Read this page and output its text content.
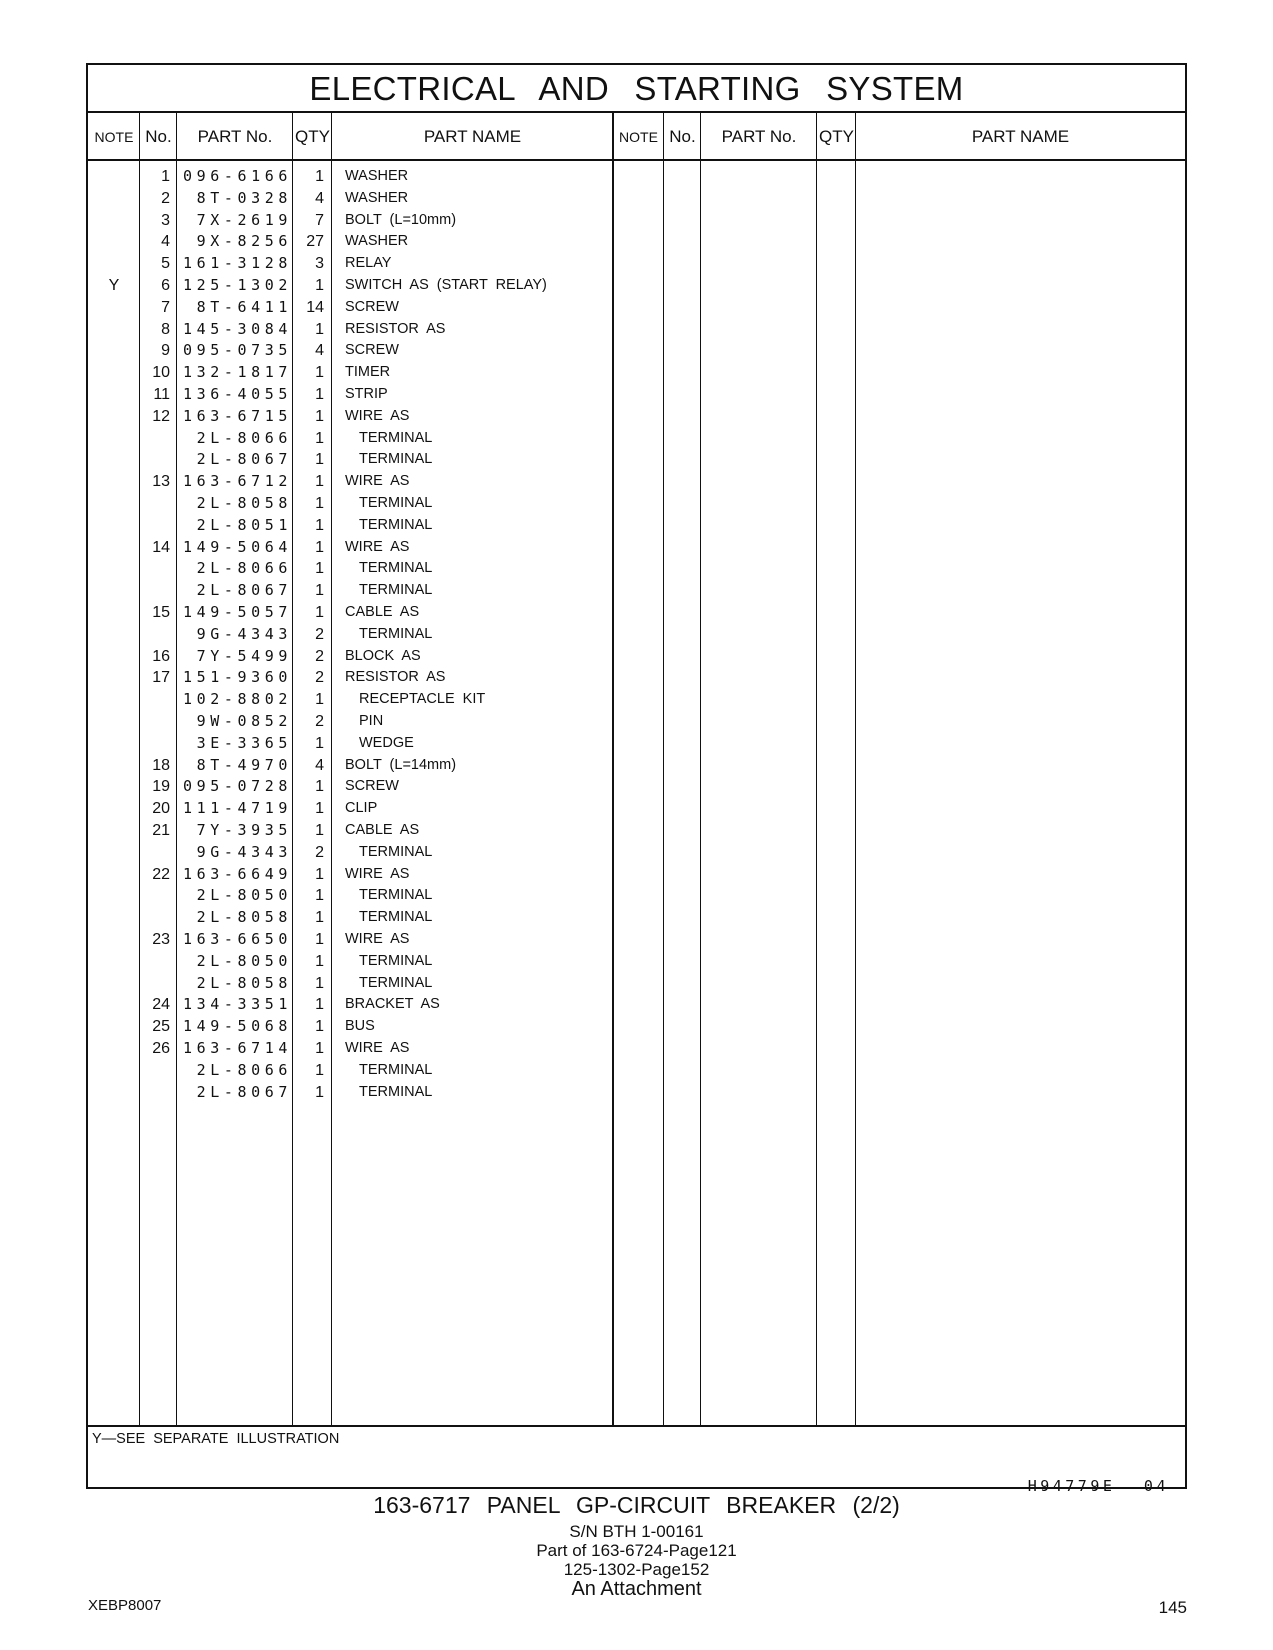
ELECTRICAL AND STARTING SYSTEM
NOTE No.	PART No.	QTY	PART NAME	NOTE No.	PART No.	QTY	PART NAME
1 096-6166	1 WASHER
2	8T-0328	4 WASHER
3	7X-2619	7 BOLT (L=10mm)
4	9X-8256 27 WASHER
5 161-3128	3 RELAY
Y	6 125-1302	1 SWITCH AS (START RELAY)
7	8T-6411 14 SCREW
8 145-3084	1 RESISTOR AS
9 095-0735	4 SCREW
10 132-1817	1 TIMER
11 136-4055	1 STRIP
12 163-6715	1 WIRE AS
2L-8066	1 TERMINAL
2L-8067	1 TERMINAL
13 163-6712	1 WIRE AS
2L-8058	1 TERMINAL
2L-8051	1 TERMINAL
14 149-5064	1 WIRE AS
2L-8066	1 TERMINAL
2L-8067	1 TERMINAL
15 149-5057	1 CABLE AS
9G-4343	2 TERMINAL
16	7Y-5499	2 BLOCK AS
17 151-9360	2 RESISTOR AS
102-8802	1 RECEPTACLE KIT
9W-0852	2 PIN
3E-3365	1 WEDGE
18	8T-4970	4 BOLT (L=14mm)
19 095-0728	1 SCREW
20 111-4719	1 CLIP
21	7Y-3935	1 CABLE AS
9G-4343	2 TERMINAL
22 163-6649	1 WIRE AS
2L-8050	1 TERMINAL
2L-8058	1 TERMINAL
23 163-6650	1 WIRE AS
2L-8050	1 TERMINAL
2L-8058	1 TERMINAL
24 134-3351	1 BRACKET AS
25 149-5068	1 BUS
26 163-6714	1 WIRE AS
2L-8066	1 TERMINAL
2L-8067	1 TERMINAL
Y―SEE SEPARATE ILLUSTRATION
H94779E 04
163-6717 PANEL GP-CIRCUIT BREAKER (2/2)
S/N BTH 1-00161
Part of 163-6724-Page121
125-1302-Page152
An Attachment
XEBP8007	145
